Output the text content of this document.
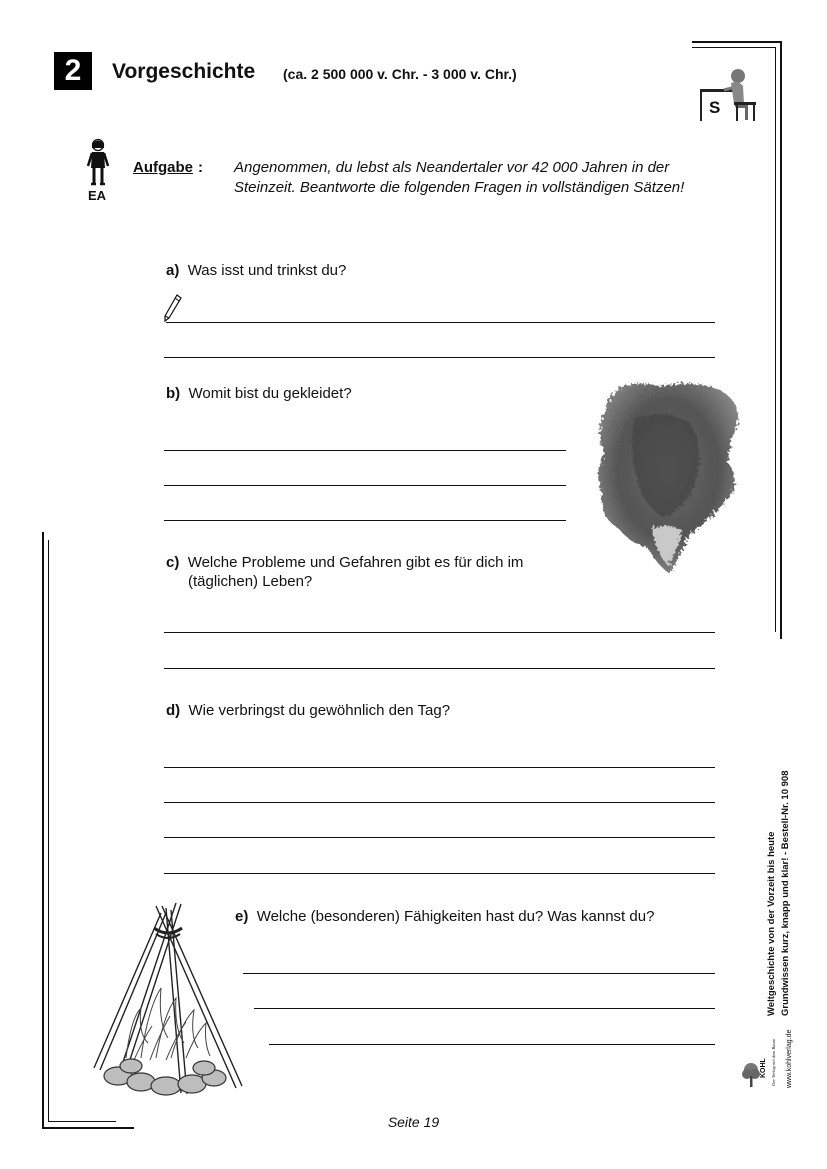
2	Vorgeschichte (ca. 2 500 000 v. Chr. - 3 000 v. Chr.)
S
EA
Aufgabe : Angenommen, du lebst als Neandertaler vor 42 000 Jahren in der Steinzeit. Beantworte die folgenden Fragen in vollständigen Sätzen!
a) Was isst und trinkst du?
b) Womit bist du gekleidet?
c) Welche Probleme und Gefahren gibt es für dich im
(täglichen) Leben?
d) Wie verbringst du gewöhnlich den Tag?
e) Welche (besonderen) Fähigkeiten hast du? Was kannst du?	Weltgeschichte von der Vorzeit bis heute Grundwissen kurz, knapp und klar! - Bestell-Nr. 10 908
www.kohlverlag.de
KOHL Der Verlag mit dem Baum
Seite 19
